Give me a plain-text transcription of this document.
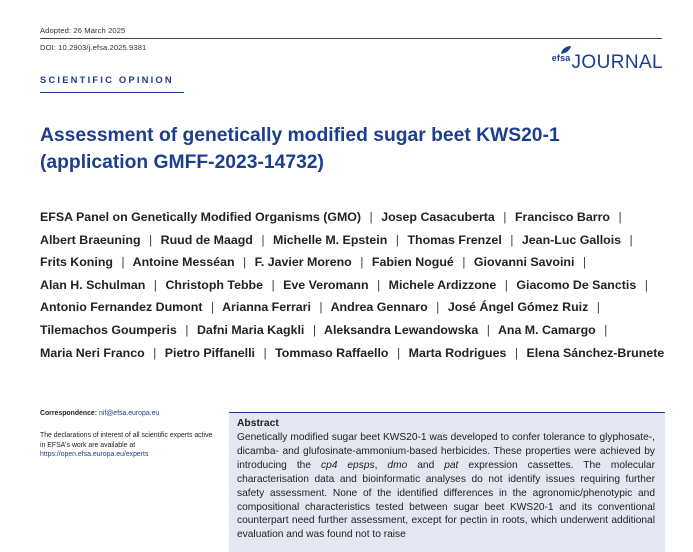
Adopted: 26 March 2025
DOI: 10.2903/j.efsa.2025.9381
SCIENTIFIC OPINION
efsa JOURNAL
Assessment of genetically modified sugar beet KWS20-1
(application GMFF-2023-14732)
EFSA Panel on Genetically Modified Organisms (GMO) | Josep Casacuberta | Francisco Barro | Albert Braeuning | Ruud de Maagd | Michelle M. Epstein | Thomas Frenzel | Jean-Luc Gallois | Frits Koning | Antoine Messéan | F. Javier Moreno | Fabien Nogué | Giovanni Savoini | Alan H. Schulman | Christoph Tebbe | Eve Veromann | Michele Ardizzone | Giacomo De Sanctis | Antonio Fernandez Dumont | Arianna Ferrari | Andrea Gennaro | José Ángel Gómez Ruiz | Tilemachos Goumperis | Dafni Maria Kagkli | Aleksandra Lewandowska | Ana M. Camargo | Maria Neri Franco | Pietro Piffanelli | Tommaso Raffaello | Marta Rodrigues | Elena Sánchez-Brunete
Correspondence: nif@efsa.europa.eu
The declarations of interest of all scientific experts active in EFSA's work are available at https://open.efsa.europa.eu/experts
Abstract

Genetically modified sugar beet KWS20-1 was developed to confer tolerance to glyphosate-, dicamba- and glufosinate-ammonium-based herbicides. These properties were achieved by introducing the cp4 epsps, dmo and pat expression cassettes. The molecular characterisation data and bioinformatic analyses do not identify issues requiring further safety assessment. None of the identified differences in the agronomic/phenotypic and compositional characteristics tested between sugar beet KWS20-1 and its conventional counterpart need further assessment, except for pectin in roots, which underwent additional evaluation and was found not to raise
